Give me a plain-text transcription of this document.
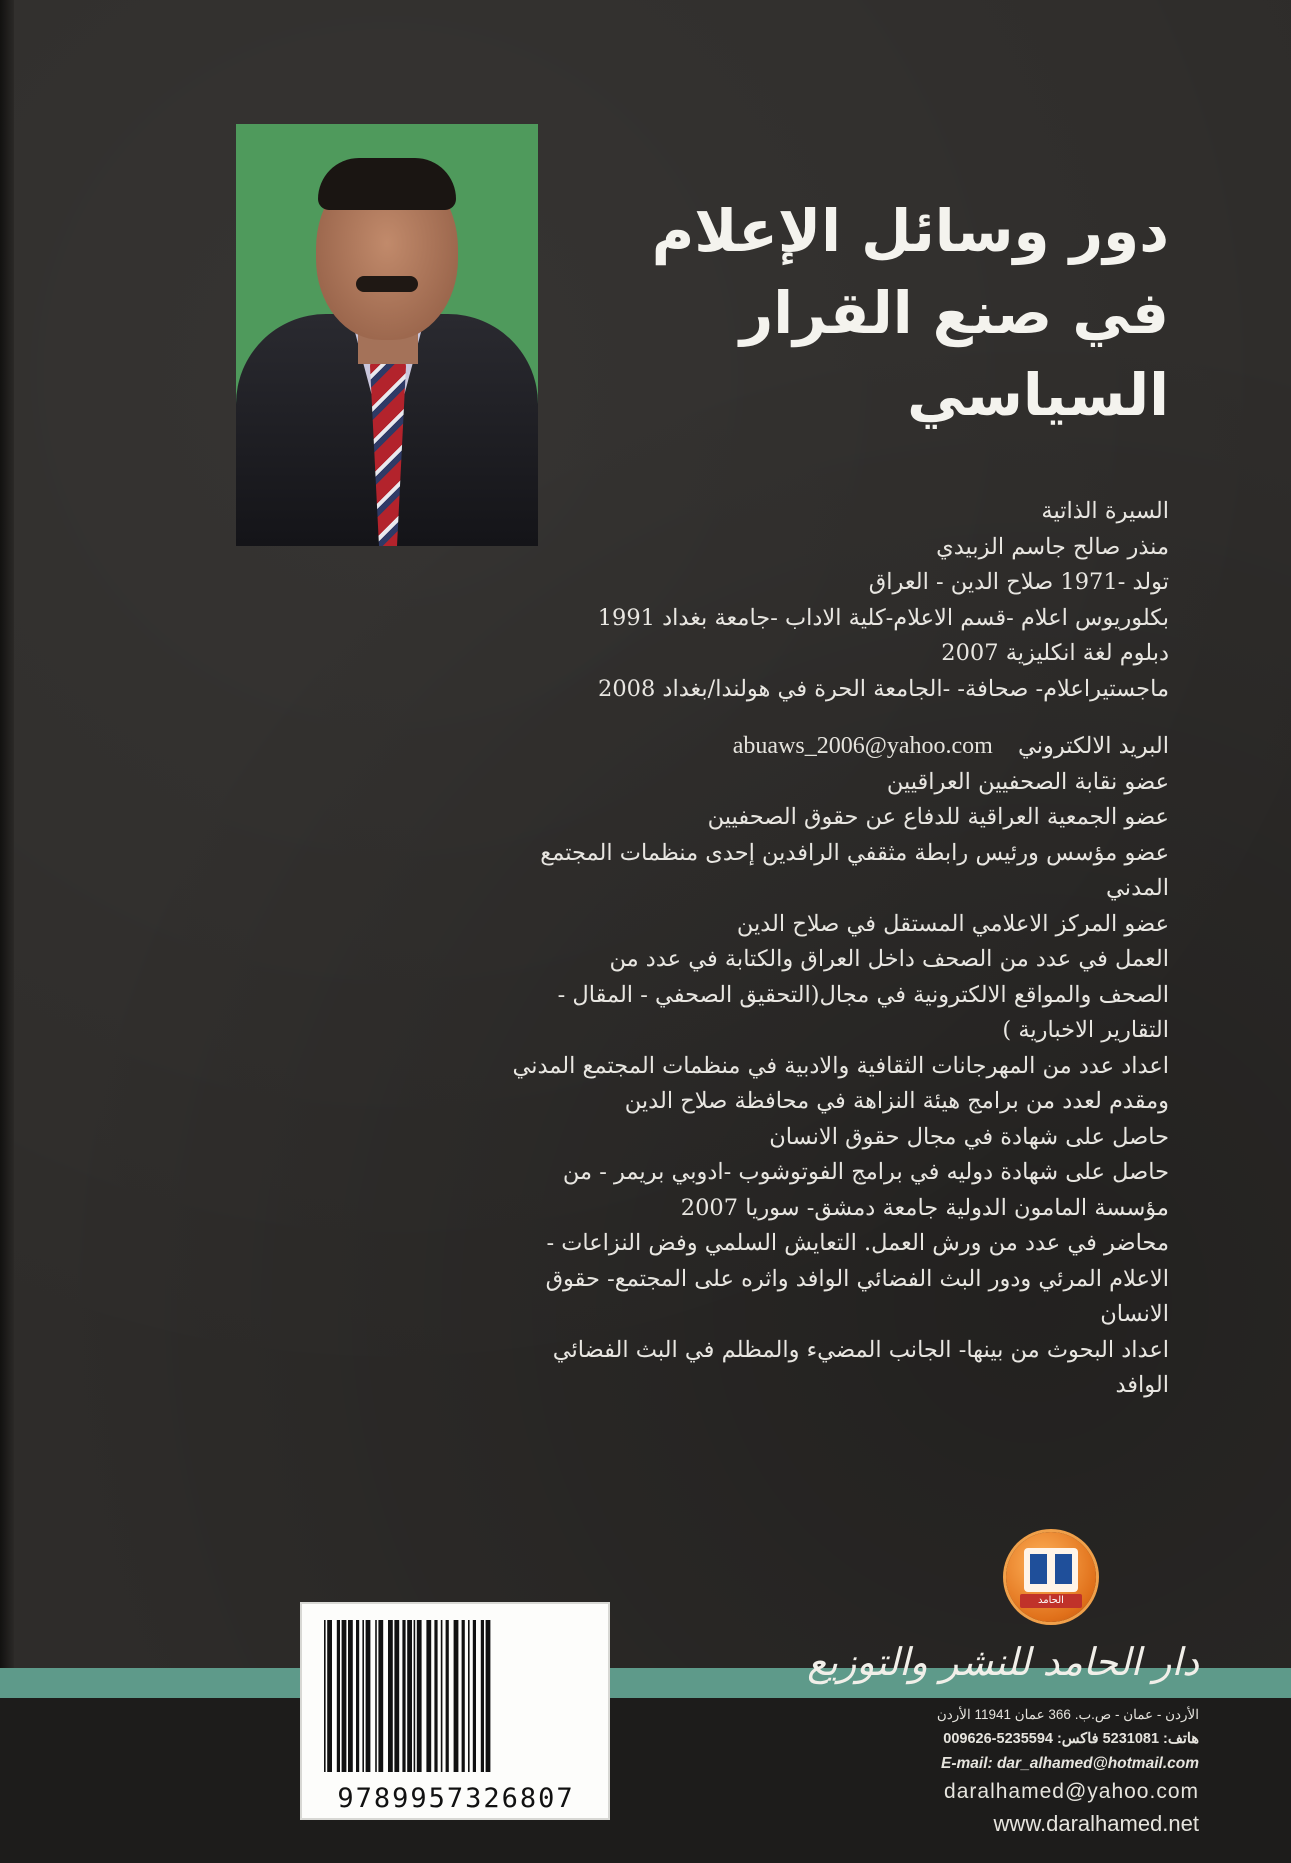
دور وسائل الإعلام
في صنع القرار السياسي
السيرة الذاتية
منذر صالح جاسم الزبيدي
تولد -1971 صلاح الدين - العراق
بكلوريوس اعلام -قسم الاعلام-كلية الاداب -جامعة بغداد 1991
دبلوم لغة انكليزية 2007
ماجستيراعلام- صحافة- -الجامعة الحرة في هولندا/بغداد 2008
البريد الالكتروني abuaws_2006@yahoo.com
عضو نقابة الصحفيين العراقيين
عضو الجمعية العراقية للدفاع عن حقوق الصحفيين
عضو مؤسس ورئيس رابطة مثقفي الرافدين إحدى منظمات المجتمع
المدني
عضو المركز الاعلامي المستقل في صلاح الدين
العمل في عدد من الصحف داخل العراق والكتابة في عدد من
الصحف والمواقع الالكترونية في مجال(التحقيق الصحفي - المقال -
التقارير الاخبارية )
اعداد عدد من المهرجانات الثقافية والادبية في منظمات المجتمع المدني
ومقدم لعدد من برامج هيئة النزاهة في محافظة صلاح الدين
حاصل على شهادة في مجال حقوق الانسان
حاصل على شهادة دوليه في برامج الفوتوشوب -ادوبي بريمر - من
مؤسسة المامون الدولية جامعة دمشق- سوريا 2007
محاضر في عدد من ورش العمل. التعايش السلمي وفض النزاعات -
الاعلام المرئي ودور البث الفضائي الوافد واثره على المجتمع- حقوق
الانسان
اعداد البحوث من بينها- الجانب المضيء والمظلم في البث الفضائي
الوافد
9789957326807
الحامد
دار الحامد للنشر والتوزيع
الأردن - عمان - ص.ب. 366 عمان 11941 الأردن
هاتف: 5231081 فاكس: 5235594-009626
E-mail: dar_alhamed@hotmail.com
daralhamed@yahoo.com
www.daralhamed.net
